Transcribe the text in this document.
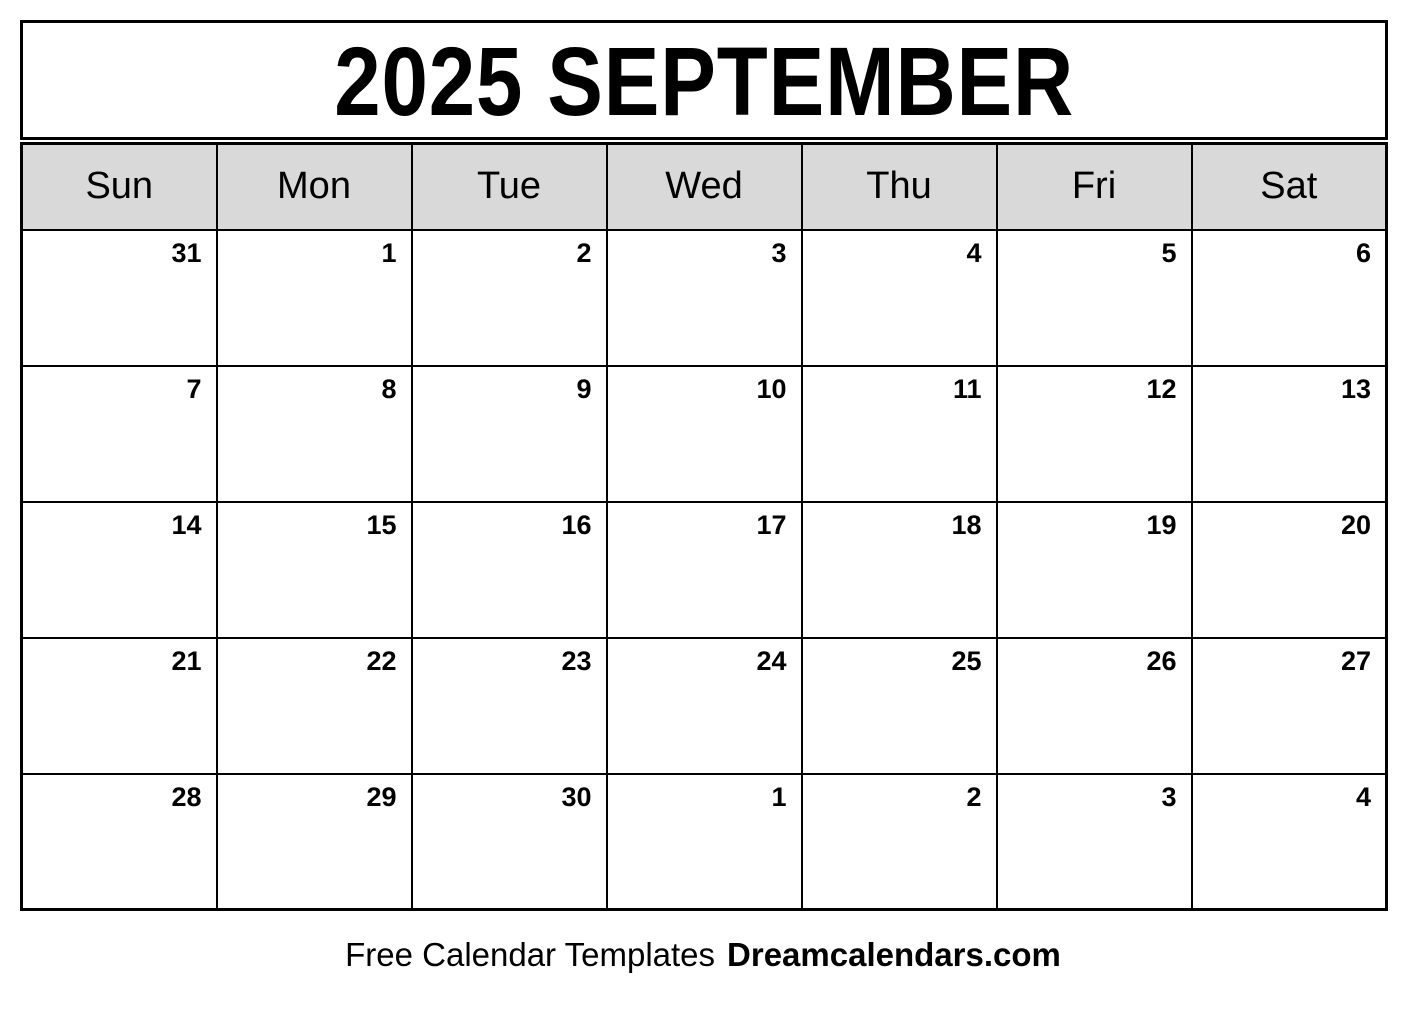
2025 SEPTEMBER
Sun	Mon	Tue	Wed	Thu	Fri	Sat
31	1	2	3	4	5	6
7	8	9	10	11	12	13
14	15	16	17	18	19	20
21	22	23	24	25	26	27
28	29	30	1	2	3	4
Free Calendar Templates Dreamcalendars.com
